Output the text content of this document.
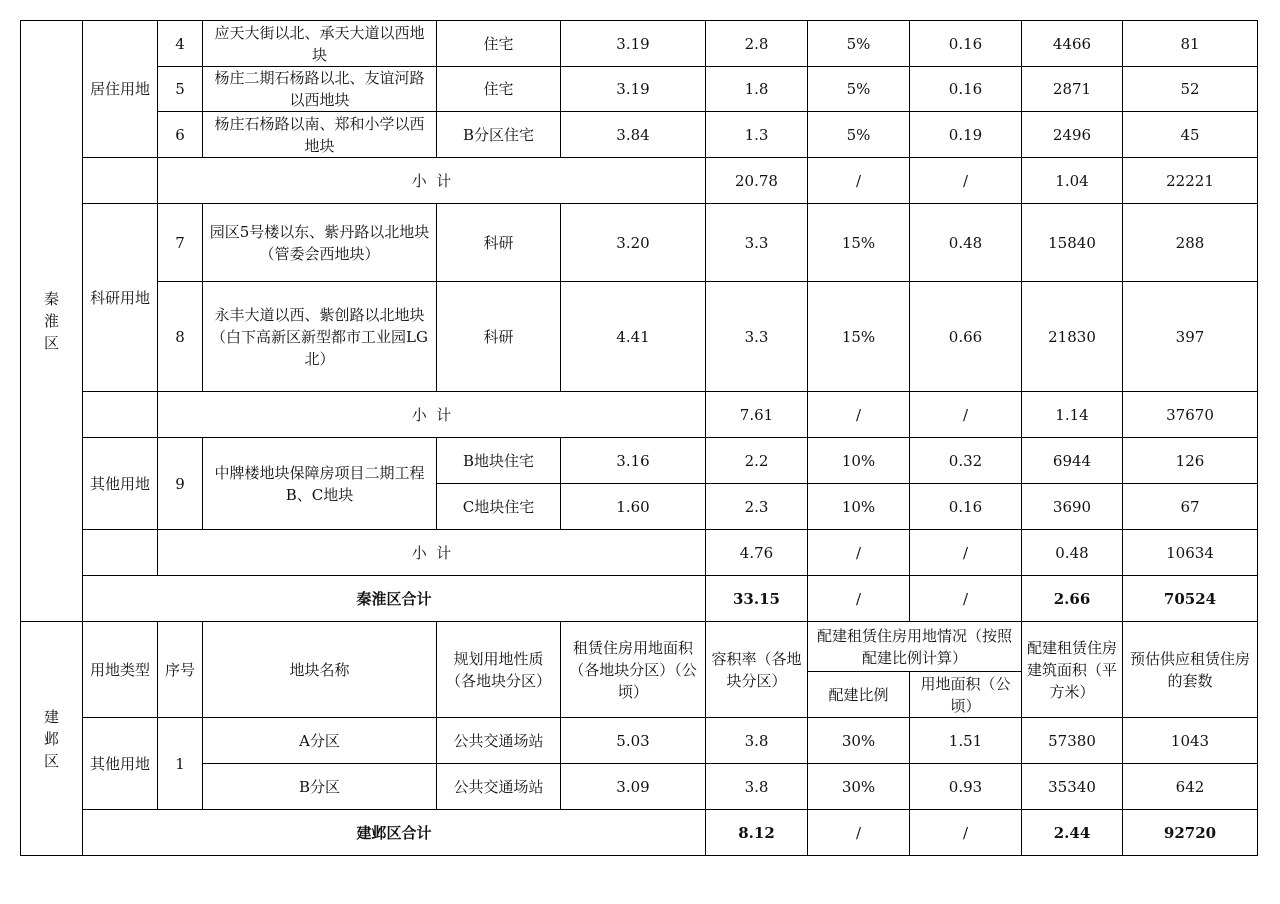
秦淮区	居住用地	4	应天大街以北、承天大道以西地块	住宅	3.19	2.8	5%	0.16	4466	81	
		5	杨庄二期石杨路以北、友谊河路以西地块	住宅	3.19	1.8	5%	0.16	2871	52	
		6	杨庄石杨路以南、郑和小学以西地块	B分区住宅	3.84	1.3	5%	0.19	2496	45	
		小  计				20.78	/	/	1.04	22221	
	科研用地	7	园区5号楼以东、紫丹路以北地块（管委会西地块）	科研	3.20	3.3	15%	0.48	15840	288	
		8	永丰大道以西、紫创路以北地块（白下高新区新型都市工业园LG北）	科研	4.41	3.3	15%	0.66	21830	397	
		小  计				7.61	/	/	1.14	37670	
	其他用地	9	中牌楼地块保障房项目二期工程B、C地块	B地块住宅	3.16	2.2	10%	0.32	6944	126	
				C地块住宅	1.60	2.3	10%	0.16	3690	67	
		小  计				4.76	/	/	0.48	10634	
	秦淮区合计					33.15	/	/	2.66	70524	
建邺区	用地类型	序号	地块名称	规划用地性质（各地块分区）	租赁住房用地面积（各地块分区）（公顷）	容积率（各地块分区）	配建租赁住房用地情况（按照配建比例计算）		配建租赁住房建筑面积（平方米）	预估供应租赁住房的套数	
							配建比例	用地面积（公顷）			
	其他用地	1	A分区	公共交通场站	5.03	3.8	30%	1.51	57380	1043	
			B分区	公共交通场站	3.09	3.8	30%	0.93	35340	642	
	建邺区合计					8.12	/	/	2.44	92720	
